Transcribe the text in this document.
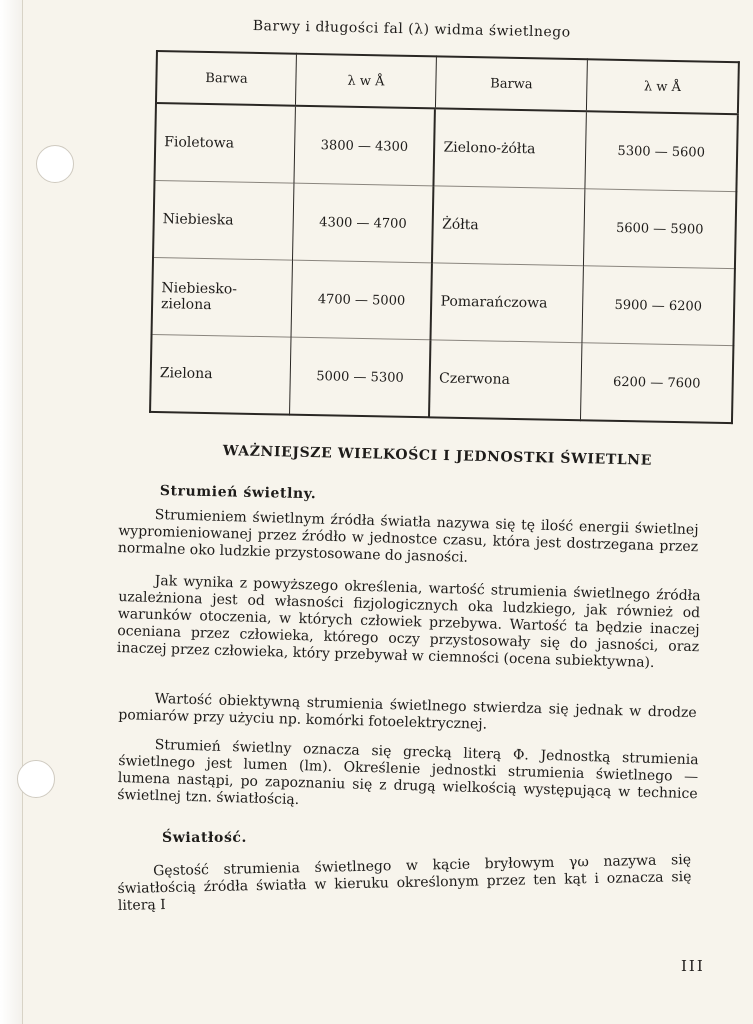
Barwy i długości fal (λ) widma świetlnego
Barwa	λ w Å	Barwa	λ w Å
Fioletowa	3800 — 4300	Zielono-żółta	5300 — 5600
Niebieska	4300 — 4700	Żółta	5600 — 5900
Niebiesko-zielona	4700 — 5000	Pomarańczowa	5900 — 6200
Zielona	5000 — 5300	Czerwona	6200 — 7600
WAŻNIEJSZE WIELKOŚCI I JEDNOSTKI ŚWIETLNE
Strumień świetlny.

Strumieniem świetlnym źródła światła nazywa się tę ilość energii świetlnej wypromieniowanej przez źródło w jednostce czasu, która jest dostrzegana przez normalne oko ludzkie przystosowane do jasności.

Jak wynika z powyższego określenia, wartość strumienia świetlnego źródła uzależniona jest od własności fizjologicznych oka ludzkiego, jak również od warunków otoczenia, w których człowiek przebywa. Wartość ta będzie inaczej oceniana przez człowieka, którego oczy przystosowały się do jasności, oraz inaczej przez człowieka, który przebywał w ciemności (ocena subiektywna).

Wartość obiektywną strumienia świetlnego stwierdza się jednak w drodze pomiarów przy użyciu np. komórki fotoelektrycznej.

Strumień świetlny oznacza się grecką literą Φ. Jednostką strumienia świetlnego jest lumen (lm). Określenie jednostki strumienia świetlnego — lumena nastąpi, po zapoznaniu się z drugą wielkością występującą w technice świetlnej tzn. światłością.

Światłość.

Gęstość strumienia świetlnego w kącie bryłowym γω nazywa się światłością źródła światła w kieruku określonym przez ten kąt i oznacza się literą I

III
